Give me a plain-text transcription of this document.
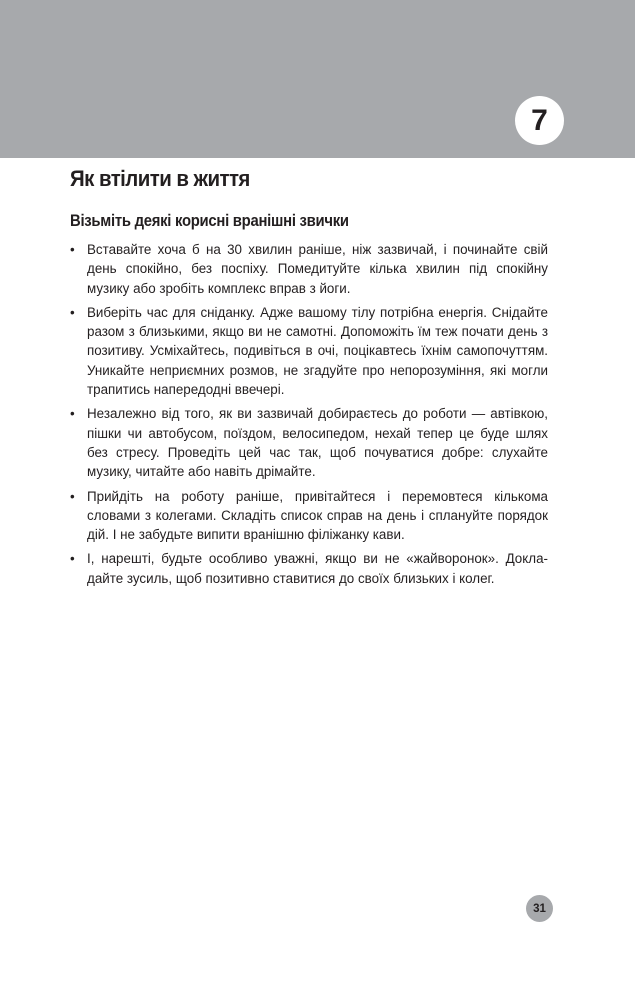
7
Як втілити в життя
Візьміть деякі корисні вранішні звички
• Вставайте хоча б на 30 хвилин раніше, ніж зазвичай, і починайте свій день спокійно, без поспіху. Помедитуйте кілька хвилин під спокійну музику або зробіть комплекс вправ з йоги.
• Виберіть час для сніданку. Адже вашому тілу потрібна енергія. Снідайте разом з близькими, якщо ви не самотні. Допоможіть їм теж почати день з позитиву. Усміхайтесь, подивіться в очі, поцікавтесь їхнім самопочуттям. Уникайте неприємних розмов, не згадуйте про непорозуміння, які могли трапитись напередодні ввечері.
• Незалежно від того, як ви зазвичай добираєтесь до роботи — автівкою, пішки чи автобусом, поїздом, велосипедом, нехай тепер це буде шлях без стресу. Проведіть цей час так, щоб почуватися добре: слухайте музику, читайте або навіть дрімайте.
• Прийдіть на роботу раніше, привітайтеся і перемовтеся кількома словами з колегами. Складіть список справ на день і сплануйте порядок дій. І не забудьте випити вранішню філіжанку кави.
• І, нарешті, будьте особливо уважні, якщо ви не «жайворонок». Докладайте зусиль, щоб позитивно ставитися до своїх близьких і колег.
31
